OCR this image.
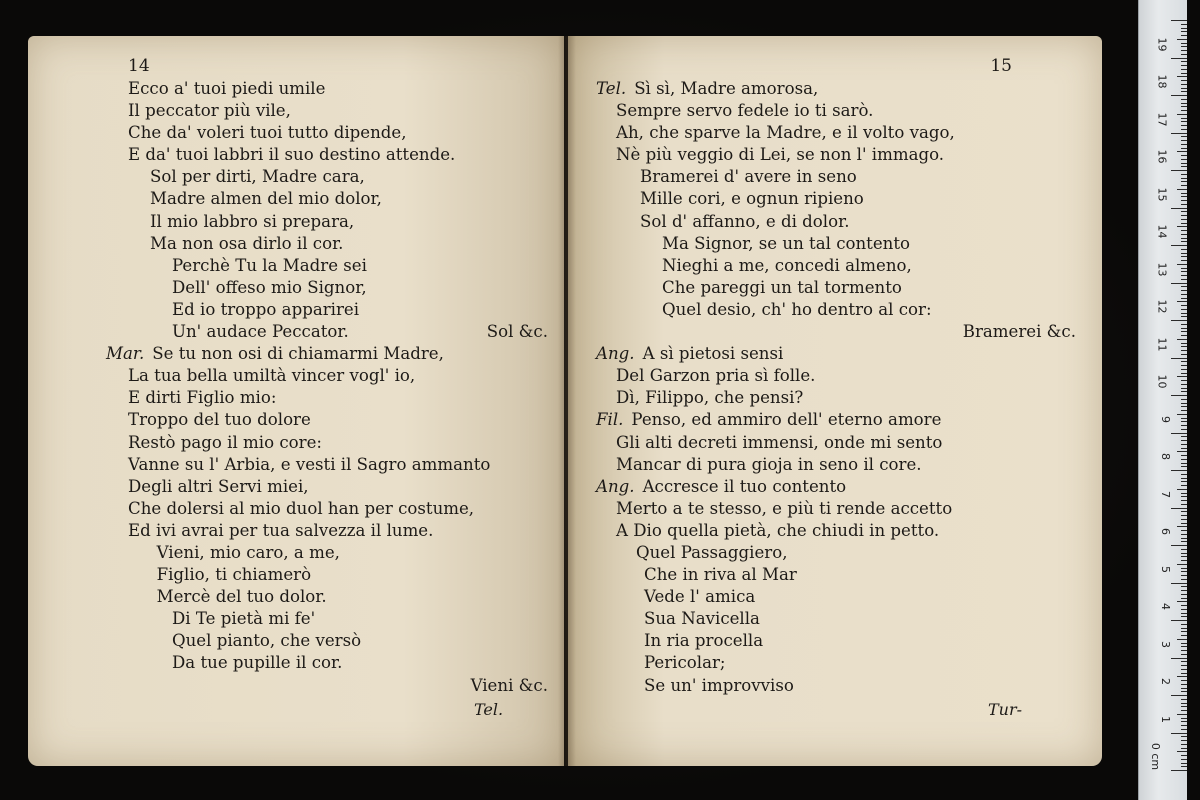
14
Ecco a' tuoi piedi umile
Il peccator più vile,
Che da' voleri tuoi tutto dipende,
E da' tuoi labbri il suo destino attende.
Sol per dirti, Madre cara,
Madre almen del mio dolor,
Il mio labbro si prepara,
Ma non osa dirlo il cor.
Perchè Tu la Madre sei
Dell' offeso mio Signor,
Ed io troppo apparirei
Un' audace Peccator.	Sol &c.
Mar. Se tu non osi di chiamarmi Madre,
La tua bella umiltà vincer vogl' io,
E dirti Figlio mio:
Troppo del tuo dolore
Restò pago il mio core:
Vanne su l' Arbia, e vesti il Sagro ammanto
Degli altri Servi miei,
Che dolersi al mio duol han per costume,
Ed ivi avrai per tua salvezza il lume.
Vieni, mio caro, a me,
Figlio, ti chiamerò
Mercè del tuo dolor.
Di Te pietà mi fe'
Quel pianto, che versò
Da tue pupille il cor.
Vieni &c.
Tel.
15
Tel. Sì sì, Madre amorosa,
Sempre servo fedele io ti sarò.
Ah, che sparve la Madre, e il volto vago,
Nè più veggio di Lei, se non l' immago.
Bramerei d' avere in seno
Mille cori, e ognun ripieno
Sol d' affanno, e di dolor.
Ma Signor, se un tal contento
Nieghi a me, concedi almeno,
Che pareggi un tal tormento
Quel desio, ch' ho dentro al cor:
Bramerei &c.
Ang. A sì pietosi sensi
Del Garzon pria sì folle.
Dì, Filippo, che pensi?
Fil. Penso, ed ammiro dell' eterno amore
Gli alti decreti immensi, onde mi sento
Mancar di pura gioja in seno il core.
Ang. Accresce il tuo contento
Merto a te stesso, e più ti rende accetto
A Dio quella pietà, che chiudi in petto.
Quel Passaggiero,
Che in riva al Mar
Vede l' amica
Sua Navicella
In ria procella
Pericolar;
Se un' improvviso
Tur-
19
18
17
16
15
14
13
12
11
10
9
8
7
6
5
4
3
2
1
0 cm
